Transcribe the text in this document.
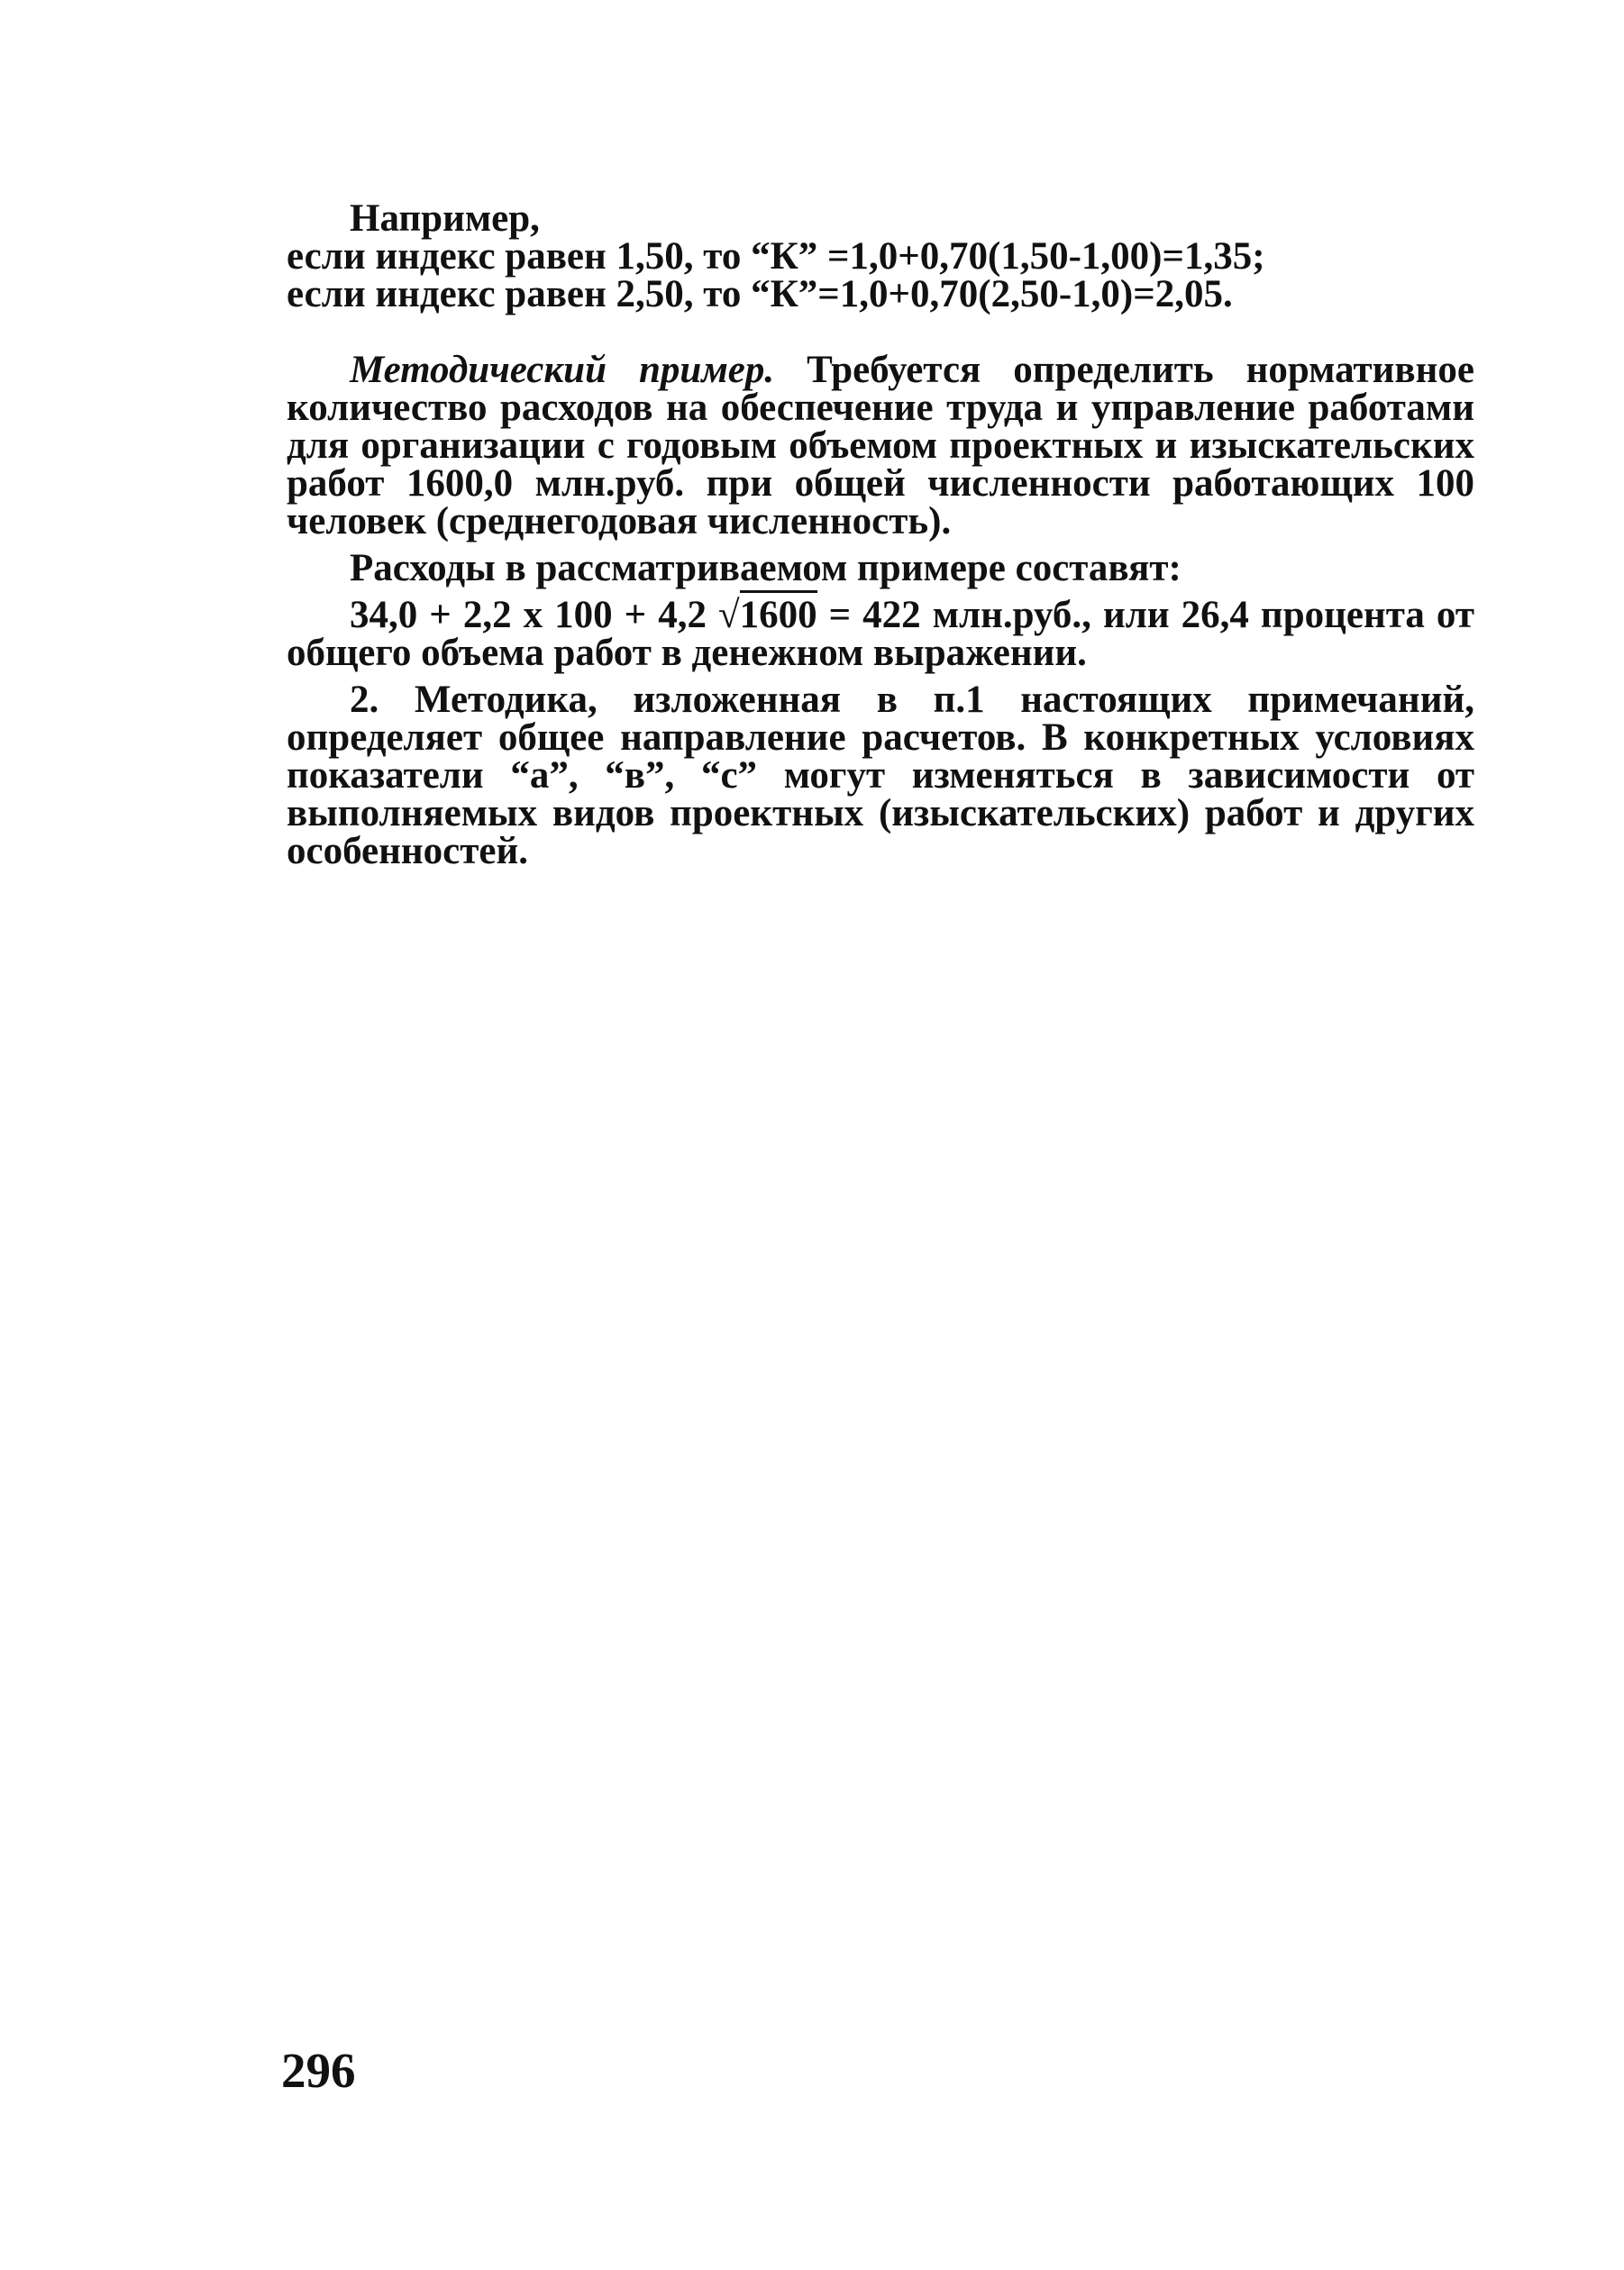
Например,
если индекс равен 1,50, то “К” =1,0+0,70(1,50-1,00)=1,35;
если индекс равен 2,50, то “К”=1,0+0,70(2,50-1,0)=2,05.

Методический пример. Требуется определить нормативное количество расходов на обеспечение труда и управление работами для организации с годовым объемом проектных и изыскательских работ 1600,0 млн.руб. при общей численности работающих 100 человек (среднегодовая численность).

Расходы в рассматриваемом примере составят:

34,0 + 2,2 x 100 + 4,2 √1600 = 422 млн.руб., или 26,4 процента от общего объема работ в денежном выражении.

2. Методика, изложенная в п.1 настоящих примечаний, определяет общее направление расчетов. В конкретных условиях показатели “а”, “в”, “с” могут изменяться в зависимости от выполняемых видов проектных (изыскательских) работ и других особенностей.

296
